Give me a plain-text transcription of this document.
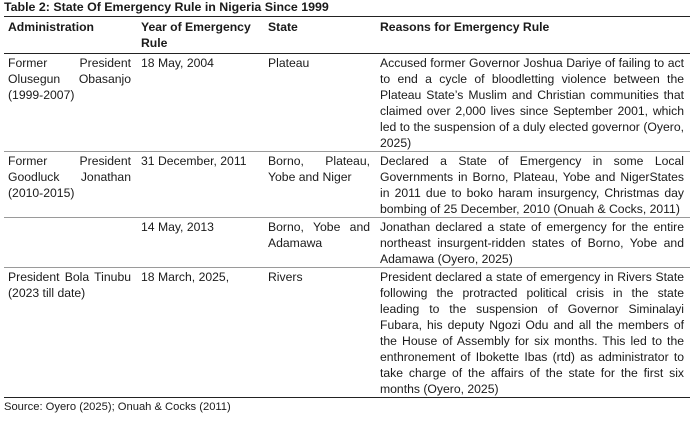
Table 2: State Of Emergency Rule in Nigeria Since 1999

Administration	Year of Emergency Rule	State	Reasons for Emergency Rule
Former President Olusegun Obasanjo (1999-2007)	18 May, 2004	Plateau	Accused former Governor Joshua Dariye of failing to act to end a cycle of bloodletting violence between the Plateau State’s Muslim and Christian communities that claimed over 2,000 lives since September 2001, which led to the suspension of a duly elected governor (Oyero, 2025)
Former President Goodluck Jonathan (2010-2015)	31 December, 2011	Borno, Plateau, Yobe and Niger	Declared a State of Emergency in some Local Governments in Borno, Plateau, Yobe and NigerStates in 2011 due to boko haram insurgency, Christmas day bombing of 25 December, 2010 (Onuah & Cocks, 2011)
	14 May, 2013	Borno, Yobe and Adamawa	Jonathan declared a state of emergency for the entire northeast insurgent-ridden states of Borno, Yobe and Adamawa (Oyero, 2025)
President Bola Tinubu (2023 till date)	18 March, 2025,	Rivers	President declared a state of emergency in Rivers State following the protracted political crisis in the state leading to the suspension of Governor Siminalayi Fubara, his deputy Ngozi Odu and all the members of the House of Assembly for six months. This led to the enthronement of Ibokette Ibas (rtd) as administrator to take charge of the affairs of the state for the first six months (Oyero, 2025)
Source: Oyero (2025); Onuah & Cocks (2011)
